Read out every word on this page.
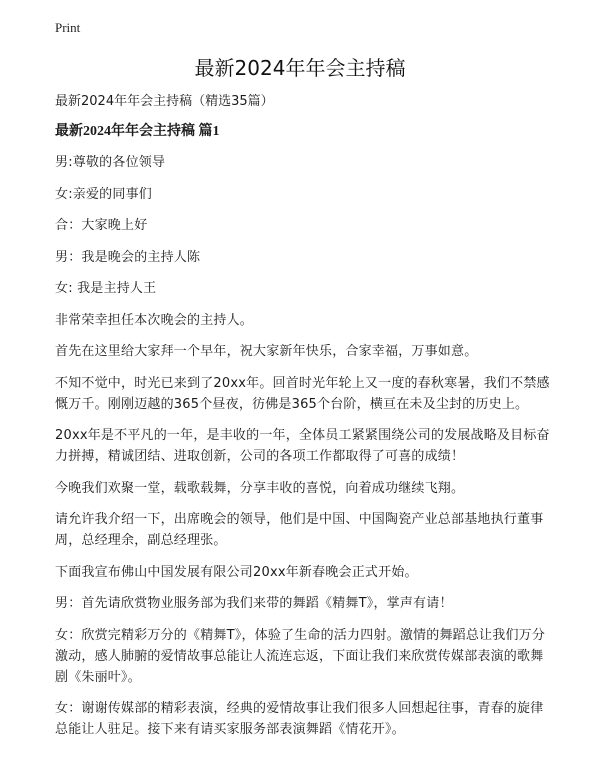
Print
最新2024年年会主持稿

最新2024年年会主持稿（精选35篇）

最新2024年年会主持稿 篇1

男:尊敬的各位领导

女:亲爱的同事们

合：大家晚上好

男：我是晚会的主持人陈

女: 我是主持人王

非常荣幸担任本次晚会的主持人。

首先在这里给大家拜一个早年，祝大家新年快乐，合家幸福，万事如意。

不知不觉中，时光已来到了20xx年。回首时光年轮上又一度的春秋寒暑，我们不禁感慨万千。刚刚迈越的365个昼夜，彷佛是365个台阶，横亘在未及尘封的历史上。

20xx年是不平凡的一年，是丰收的一年，全体员工紧紧围绕公司的发展战略及目标奋力拼搏，精诚团结、进取创新，公司的各项工作都取得了可喜的成绩！

今晚我们欢聚一堂，载歌载舞，分享丰收的喜悦，向着成功继续飞翔。

请允许我介绍一下，出席晚会的领导，他们是中国、中国陶瓷产业总部基地执行董事周，总经理余，副总经理张。

下面我宣布佛山中国发展有限公司20xx年新春晚会正式开始。

男：首先请欣赏物业服务部为我们来带的舞蹈《精舞T》，掌声有请！

女：欣赏完精彩万分的《精舞T》，体验了生命的活力四射。激情的舞蹈总让我们万分激动，感人肺腑的爱情故事总能让人流连忘返，下面让我们来欣赏传媒部表演的歌舞剧《朱丽叶》。

女：谢谢传媒部的精彩表演，经典的爱情故事让我们很多人回想起往事，青春的旋律总能让人驻足。接下来有请买家服务部表演舞蹈《情花开》。
